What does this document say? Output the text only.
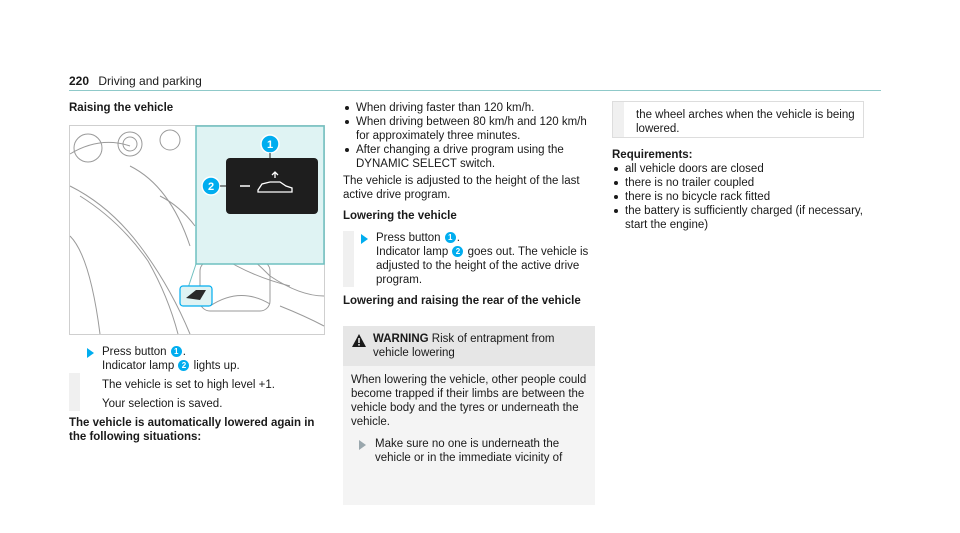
220 Driving and parking
Raising the vehicle
1
2
Press button 1 .
Indicator lamp 2 lights up.
The vehicle is set to high level +1.
Your selection is saved.
The vehicle is automatically lowered again in the following situations:
When driving faster than 120 km/h.
When driving between 80 km/h and 120 km/h for approximately three minutes.
After changing a drive program using the DYNAMIC SELECT switch.
The vehicle is adjusted to the height of the last active drive program.
Lowering the vehicle
Press button 1 .
Indicator lamp 2 goes out. The vehicle is adjusted to the height of the active drive program.
Lowering and raising the rear of the vehicle
WARNING Risk of entrapment from vehicle lowering
When lowering the vehicle, other people could become trapped if their limbs are between the vehicle body and the tyres or underneath the vehicle.
Make sure no one is underneath the vehicle or in the immediate vicinity of
the wheel arches when the vehicle is being lowered.
Requirements:
all vehicle doors are closed
there is no trailer coupled
there is no bicycle rack fitted
the battery is sufficiently charged (if necessary, start the engine)
